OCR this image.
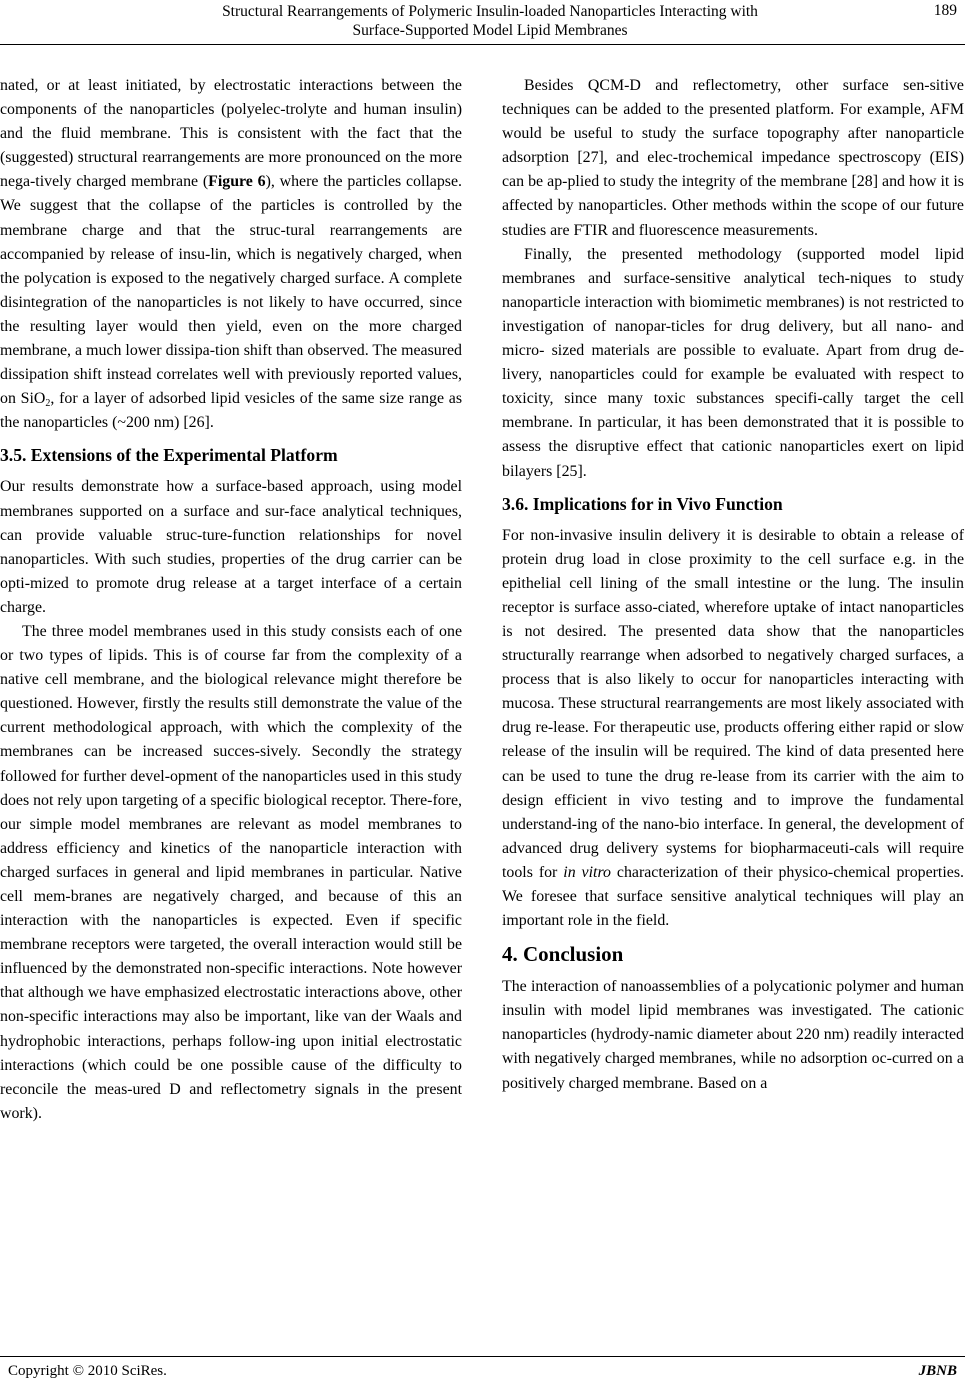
Structural Rearrangements of Polymeric Insulin-loaded Nanoparticles Interacting with
Surface-Supported Model Lipid Membranes
189

nated, or at least initiated, by electrostatic interactions between the components of the nanoparticles (polyelec-trolyte and human insulin) and the fluid membrane. This is consistent with the fact that the (suggested) structural rearrangements are more pronounced on the more nega-tively charged membrane (Figure 6), where the particles collapse. We suggest that the collapse of the particles is controlled by the membrane charge and that the struc-tural rearrangements are accompanied by release of insu-lin, which is negatively charged, when the polycation is exposed to the negatively charged surface. A complete disintegration of the nanoparticles is not likely to have occurred, since the resulting layer would then yield, even on the more charged membrane, a much lower dissipa-tion shift than observed. The measured dissipation shift instead correlates well with previously reported values, on SiO$_2$, for a layer of adsorbed lipid vesicles of the same size range as the nanoparticles (~200 nm) [26].

3.5. Extensions of the Experimental Platform

Our results demonstrate how a surface-based approach, using model membranes supported on a surface and sur-face analytical techniques, can provide valuable struc-ture-function relationships for novel nanoparticles. With such studies, properties of the drug carrier can be opti-mized to promote drug release at a target interface of a certain charge.

The three model membranes used in this study consists each of one or two types of lipids. This is of course far from the complexity of a native cell membrane, and the biological relevance might therefore be questioned. However, firstly the results still demonstrate the value of the current methodological approach, with which the complexity of the membranes can be increased succes-sively. Secondly the strategy followed for further devel-opment of the nanoparticles used in this study does not rely upon targeting of a specific biological receptor. There-fore, our simple model membranes are relevant as model membranes to address efficiency and kinetics of the nanoparticle interaction with charged surfaces in general and lipid membranes in particular. Native cell mem-branes are negatively charged, and because of this an interaction with the nanoparticles is expected. Even if specific membrane receptors were targeted, the overall interaction would still be influenced by the demonstrated non-specific interactions. Note however that although we have emphasized electrostatic interactions above, other non-specific interactions may also be important, like van der Waals and hydrophobic interactions, perhaps follow-ing upon initial electrostatic interactions (which could be one possible cause of the difficulty to reconcile the meas-ured D and reflectometry signals in the present work).

Besides QCM-D and reflectometry, other surface sen-sitive techniques can be added to the presented platform. For example, AFM would be useful to study the surface topography after nanoparticle adsorption [27], and elec-trochemical impedance spectroscopy (EIS) can be ap-plied to study the integrity of the membrane [28] and how it is affected by nanoparticles. Other methods within the scope of our future studies are FTIR and fluorescence measurements.

Finally, the presented methodology (supported model lipid membranes and surface-sensitive analytical tech-niques to study nanoparticle interaction with biomimetic membranes) is not restricted to investigation of nanopar-ticles for drug delivery, but all nano- and micro- sized materials are possible to evaluate. Apart from drug de-livery, nanoparticles could for example be evaluated with respect to toxicity, since many toxic substances specifi-cally target the cell membrane. In particular, it has been demonstrated that it is possible to assess the disruptive effect that cationic nanoparticles exert on lipid bilayers [25].

3.6. Implications for in Vivo Function

For non-invasive insulin delivery it is desirable to obtain a release of protein drug load in close proximity to the cell surface e.g. in the epithelial cell lining of the small intestine or the lung. The insulin receptor is surface asso-ciated, wherefore uptake of intact nanoparticles is not desired. The presented data show that the nanoparticles structurally rearrange when adsorbed to negatively charged surfaces, a process that is also likely to occur for nanoparticles interacting with mucosa. These structural rearrangements are most likely associated with drug re-lease. For therapeutic use, products offering either rapid or slow release of the insulin will be required. The kind of data presented here can be used to tune the drug re-lease from its carrier with the aim to design efficient in vivo testing and to improve the fundamental understand-ing of the nano-bio interface. In general, the development of advanced drug delivery systems for biopharmaceuti-cals will require tools for in vitro characterization of their physico-chemical properties. We foresee that surface sensitive analytical techniques will play an important role in the field.

4. Conclusion

The interaction of nanoassemblies of a polycationic polymer and human insulin with model lipid membranes was investigated. The cationic nanoparticles (hydrody-namic diameter about 220 nm) readily interacted with negatively charged membranes, while no adsorption oc-curred on a positively charged membrane. Based on a

Copyright © 2010 SciRes.	JBNB
